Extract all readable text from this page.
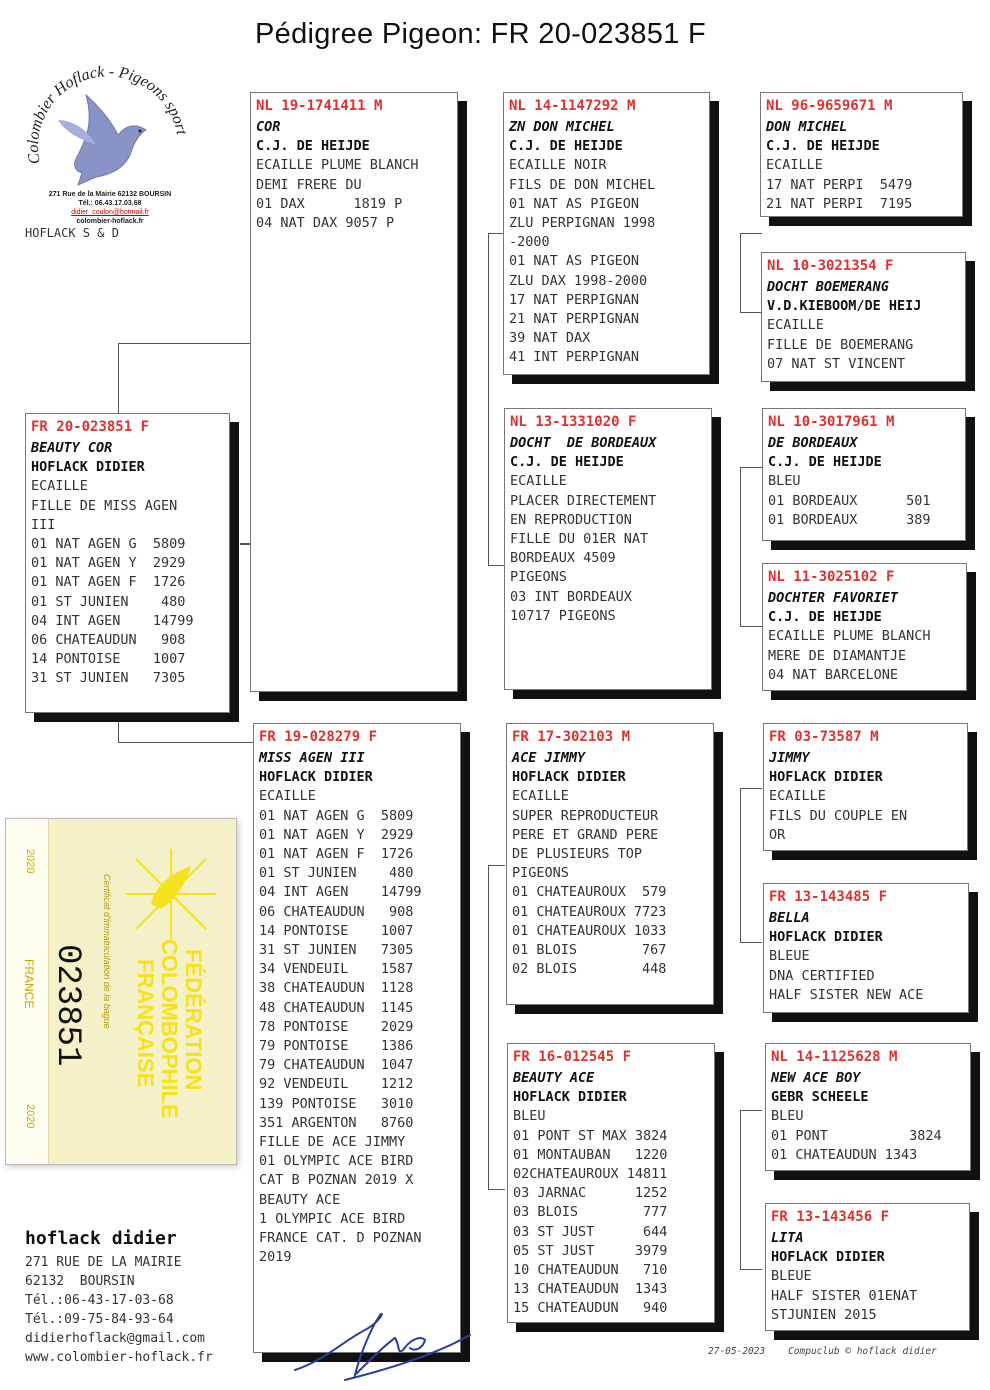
Pédigree Pigeon: FR 20-023851 F
Colombier Hoflack - Pigeons sport
271 Rue de la Mairie 62132 BOURSIN
Tél.: 06.43.17.03.68
didier_coulon@hotmail.fr
colombier-hoflack.fr
HOFLACK S & D
FR 20-023851 F
BEAUTY COR
HOFLACK DIDIER
ECAILLE
FILLE DE MISS AGEN
III
01 NAT AGEN G  5809
01 NAT AGEN Y  2929
01 NAT AGEN F  1726
01 ST JUNIEN    480
04 INT AGEN    14799
06 CHATEAUDUN   908
14 PONTOISE    1007
31 ST JUNIEN   7305
NL 19-1741411 M
COR
C.J. DE HEIJDE
ECAILLE PLUME BLANCH
DEMI FRERE DU
01 DAX      1819 P
04 NAT DAX 9057 P
FR 19-028279 F
MISS AGEN III
HOFLACK DIDIER
ECAILLE
01 NAT AGEN G  5809
01 NAT AGEN Y  2929
01 NAT AGEN F  1726
01 ST JUNIEN    480
04 INT AGEN    14799
06 CHATEAUDUN   908
14 PONTOISE    1007
31 ST JUNIEN   7305
34 VENDEUIL    1587
38 CHATEAUDUN  1128
48 CHATEAUDUN  1145
78 PONTOISE    2029
79 PONTOISE    1386
79 CHATEAUDUN  1047
92 VENDEUIL    1212
139 PONTOISE   3010
351 ARGENTON   8760
FILLE DE ACE JIMMY
01 OLYMPIC ACE BIRD
CAT B POZNAN 2019 X
BEAUTY ACE
1 OLYMPIC ACE BIRD
FRANCE CAT. D POZNAN
2019
NL 14-1147292 M
ZN DON MICHEL
C.J. DE HEIJDE
ECAILLE NOIR
FILS DE DON MICHEL
01 NAT AS PIGEON
ZLU PERPIGNAN 1998
-2000
01 NAT AS PIGEON
ZLU DAX 1998-2000
17 NAT PERPIGNAN
21 NAT PERPIGNAN
39 NAT DAX
41 INT PERPIGNAN
NL 13-1331020 F
DOCHT  DE BORDEAUX
C.J. DE HEIJDE
ECAILLE
PLACER DIRECTEMENT
EN REPRODUCTION
FILLE DU 01ER NAT
BORDEAUX 4509
PIGEONS
03 INT BORDEAUX
10717 PIGEONS
FR 17-302103 M
ACE JIMMY
HOFLACK DIDIER
ECAILLE
SUPER REPRODUCTEUR
PERE ET GRAND PERE
DE PLUSIEURS TOP
PIGEONS
01 CHATEAUROUX  579
01 CHATEAUROUX 7723
01 CHATEAUROUX 1033
01 BLOIS        767
02 BLOIS        448
FR 16-012545 F
BEAUTY ACE
HOFLACK DIDIER
BLEU
01 PONT ST MAX 3824
01 MONTAUBAN   1220
02CHATEAUROUX 14811
03 JARNAC      1252
03 BLOIS        777
03 ST JUST      644
05 ST JUST     3979
10 CHATEAUDUN   710
13 CHATEAUDUN  1343
15 CHATEAUDUN   940
NL 96-9659671 M
DON MICHEL
C.J. DE HEIJDE
ECAILLE
17 NAT PERPI  5479
21 NAT PERPI  7195
NL 10-3021354 F
DOCHT BOEMERANG
V.D.KIEBOOM/DE HEIJ
ECAILLE
FILLE DE BOEMERANG
07 NAT ST VINCENT
NL 10-3017961 M
DE BORDEAUX
C.J. DE HEIJDE
BLEU
01 BORDEAUX      501
01 BORDEAUX      389
NL 11-3025102 F
DOCHTER FAVORIET
C.J. DE HEIJDE
ECAILLE PLUME BLANCH
MERE DE DIAMANTJE
04 NAT BARCELONE
FR 03-73587 M
JIMMY
HOFLACK DIDIER
ECAILLE
FILS DU COUPLE EN
OR
FR 13-143485 F
BELLA
HOFLACK DIDIER
BLEUE
DNA CERTIFIED
HALF SISTER NEW ACE
NL 14-1125628 M
NEW ACE BOY
GEBR SCHEELE
BLEU
01 PONT          3824
01 CHATEAUDUN 1343
FR 13-143456 F
LITA
HOFLACK DIDIER
BLEUE
HALF SISTER 01ENAT
STJUNIEN 2015
2020
FRANCE
2020
023851 Certificat d'immatriculation de la bague	FÉDÉRATION
COLOMBOPHILE
FRANÇAISE
hoflack didier
271 RUE DE LA MAIRIE
62132  BOURSIN
Tél.:06-43-17-03-68
Tél.:09-75-84-93-64
didierhoflack@gmail.com
www.colombier-hoflack.fr	27-05-2023    Compuclub © hoflack didier
